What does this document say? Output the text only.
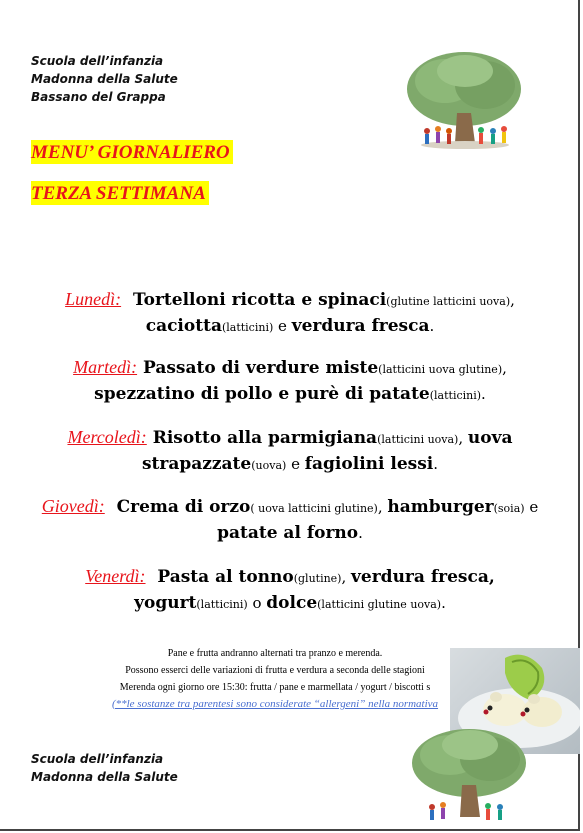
Scuola dell’infanzia
Madonna della Salute
Bassano del Grappa
MENU’ GIORNALIERO
TERZA SETTIMANA
Lunedì: Tortelloni ricotta e spinaci(glutine latticini uova),
caciotta(latticini) e verdura fresca.
Martedì: Passato di verdure miste(latticini uova glutine),
spezzatino di pollo e purè di patate(latticini).
Mercoledì: Risotto alla parmigiana(latticini uova), uova
strapazzate(uova) e fagiolini lessi.
Giovedì: Crema di orzo( uova latticini glutine), hamburger(soia) e
patate al forno.
Venerdì: Pasta al tonno(glutine), verdura fresca,
yogurt(latticini) o dolce(latticini glutine uova).
Pane e frutta andranno alternati tra pranzo e merenda.
Possono esserci delle variazioni di frutta e verdura a seconda delle stagioni
Merenda ogni giorno ore 15:30: frutta / pane e marmellata / yogurt / biscotti s
(**le sostanze tra parentesi sono considerate “allergeni” nella normativa
Scuola dell’infanzia
Madonna della Salute
